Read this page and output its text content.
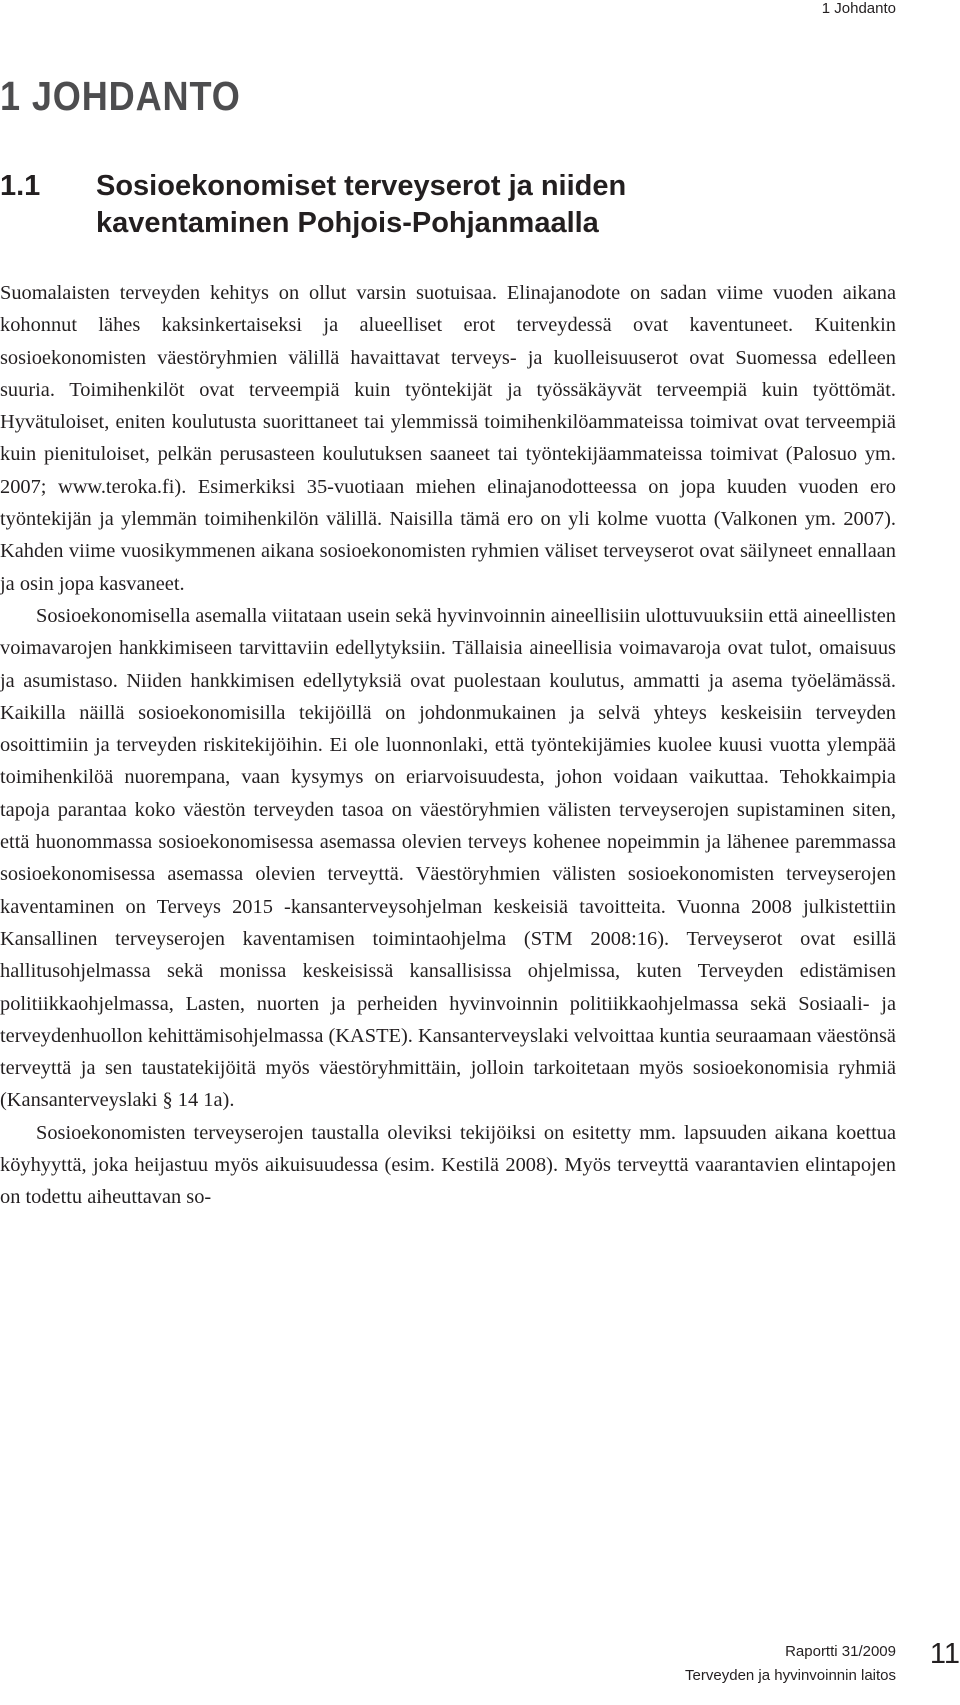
1 Johdanto
1 JOHDANTO
1.1	Sosioekonomiset terveyserot ja niiden kaventaminen Pohjois-Pohjanmaalla

Suomalaisten terveyden kehitys on ollut varsin suotuisaa. Elinajanodote on sadan viime vuoden aikana kohonnut lähes kaksinkertaiseksi ja alueelliset erot terveydessä ovat kaventuneet. Kuitenkin sosioekonomisten väestöryhmien välillä havaittavat terveys- ja kuolleisuuserot ovat Suomessa edelleen suuria. Toimihenkilöt ovat terveempiä kuin työntekijät ja työssäkäyvät terveempiä kuin työttömät. Hyvätuloiset, eniten koulutusta suorittaneet tai ylemmissä toimihenkilöammateissa toimivat ovat terveempiä kuin pienituloiset, pelkän perusasteen koulutuksen saaneet tai työntekijäammateissa toimivat (Palosuo ym. 2007; www.teroka.fi). Esimerkiksi 35-vuotiaan miehen elinajanodotteessa on jopa kuuden vuoden ero työntekijän ja ylemmän toimihenkilön välillä. Naisilla tämä ero on yli kolme vuotta (Valkonen ym. 2007). Kahden viime vuosikymmenen aikana sosioekonomisten ryhmien väliset terveyserot ovat säilyneet ennallaan ja osin jopa kasvaneet.

Sosioekonomisella asemalla viitataan usein sekä hyvinvoinnin aineellisiin ulottuvuuksiin että aineellisten voimavarojen hankkimiseen tarvittaviin edellytyksiin. Tällaisia aineellisia voimavaroja ovat tulot, omaisuus ja asumistaso. Niiden hankkimisen edellytyksiä ovat puolestaan koulutus, ammatti ja asema työelämässä. Kaikilla näillä sosioekonomisilla tekijöillä on johdonmukainen ja selvä yhteys keskeisiin terveyden osoittimiin ja terveyden riskitekijöihin. Ei ole luonnonlaki, että työntekijämies kuolee kuusi vuotta ylempää toimihenkilöä nuorempana, vaan kysymys on eriarvoisuudesta, johon voidaan vaikuttaa. Tehokkaimpia tapoja parantaa koko väestön terveyden tasoa on väestöryhmien välisten terveyserojen supistaminen siten, että huonommassa sosioekonomisessa asemassa olevien terveys kohenee nopeimmin ja lähenee paremmassa sosioekonomisessa asemassa olevien terveyttä. Väestöryhmien välisten sosioekonomisten terveyserojen kaventaminen on Terveys 2015 -kansanterveysohjelman keskeisiä tavoitteita. Vuonna 2008 julkistettiin Kansallinen terveyserojen kaventamisen toimintaohjelma (STM 2008:16). Terveyserot ovat esillä hallitusohjelmassa sekä monissa keskeisissä kansallisissa ohjelmissa, kuten Terveyden edistämisen politiikkaohjelmassa, Lasten, nuorten ja perheiden hyvinvoinnin politiikkaohjelmassa sekä Sosiaali- ja terveydenhuollon kehittämisohjelmassa (KASTE). Kansanterveyslaki velvoittaa kuntia seuraamaan väestönsä terveyttä ja sen taustatekijöitä myös väestöryhmittäin, jolloin tarkoitetaan myös sosioekonomisia ryhmiä (Kansanterveyslaki § 14 1a).

Sosioekonomisten terveyserojen taustalla oleviksi tekijöiksi on esitetty mm. lapsuuden aikana koettua köyhyyttä, joka heijastuu myös aikuisuudessa (esim. Kestilä 2008). Myös terveyttä vaarantavien elintapojen on todettu aiheuttavan so-

Raportti 31/2009
Terveyden ja hyvinvoinnin laitos
11
